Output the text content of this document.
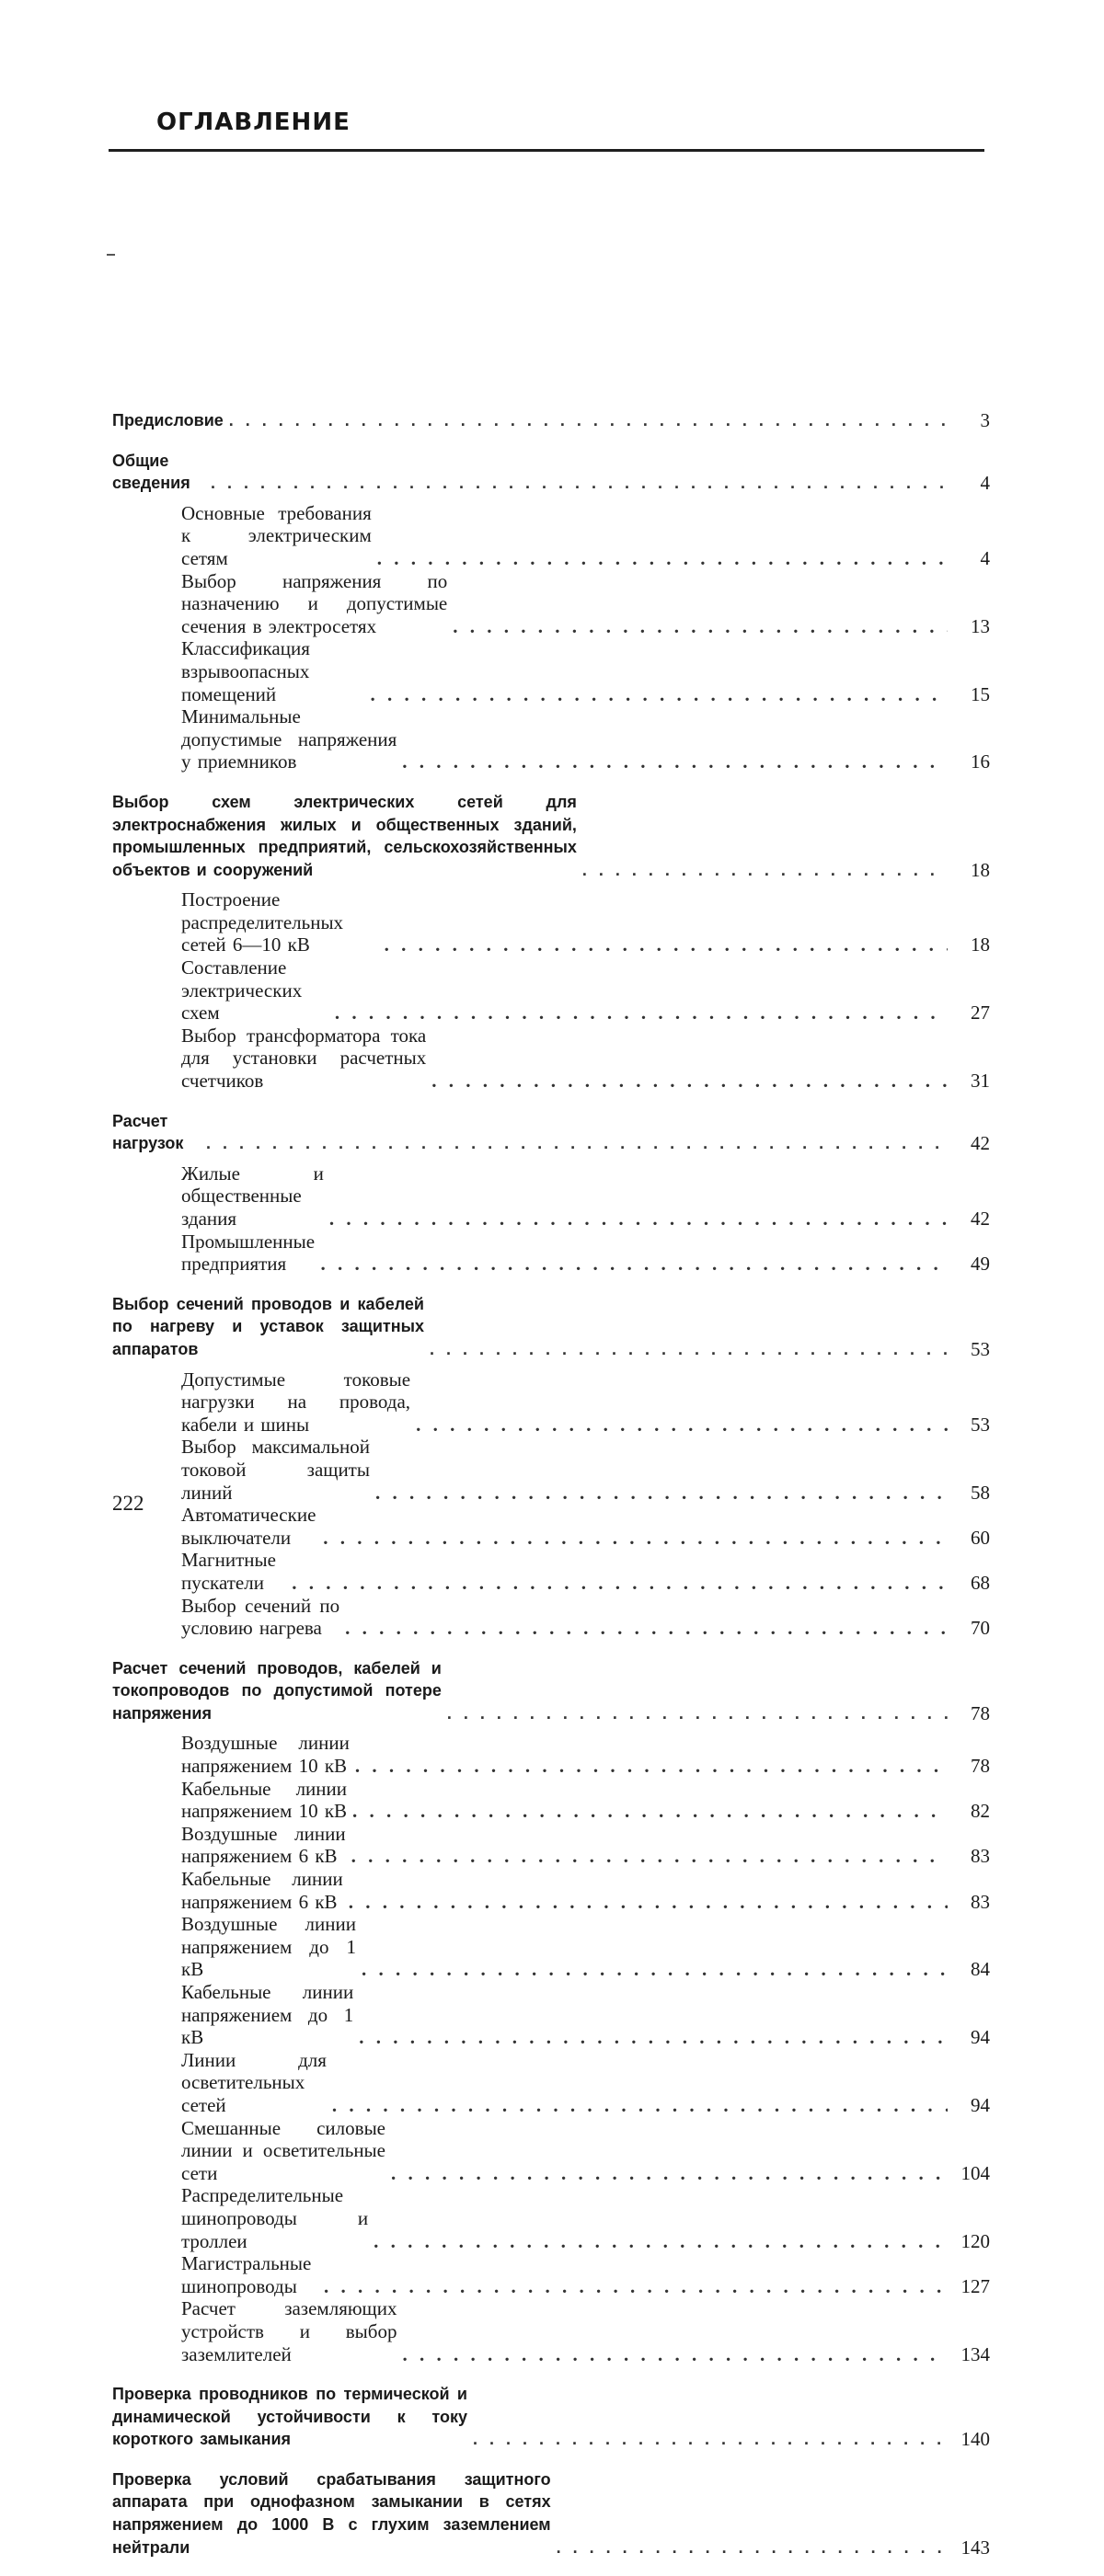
ОГЛАВЛЕНИЕ
Предисловие . . .	3
Общие сведения . . .	4
Основные требования к электрическим сетям . . .	4
Выбор напряжения по назначению и допустимые сечения в электросетях . . .	13
Классификация взрывоопасных помещений . . .	15
Минимальные допустимые напряжения у приемников . . .	16
Выбор схем электрических сетей для электроснабжения жилых и общественных зданий, промышленных предприятий, сельскохозяйственных объектов и сооружений . . .	18
Построение распределительных сетей 6—10 кВ . . .	18
Составление электрических схем . . .	27
Выбор трансформатора тока для установки расчетных счетчиков . . .	31
Расчет нагрузок . . .	42
Жилые и общественные здания . . .	42
Промышленные предприятия . . .	49
Выбор сечений проводов и кабелей по нагреву и уставок защитных аппаратов . . .	53
Допустимые токовые нагрузки на провода, кабели и шины . . .	53
Выбор максимальной токовой защиты линий . . .	58
Автоматические выключатели . . .	60
Магнитные пускатели . . .	68
Выбор сечений по условию нагрева . . .	70
Расчет сечений проводов, кабелей и токопроводов по допустимой потере напряжения . . .	78
Воздушные линии напряжением 10 кВ . . .	78
Кабельные линии напряжением 10 кВ . . .	82
Воздушные линии напряжением 6 кВ . . .	83
Кабельные линии напряжением 6 кВ . . .	83
Воздушные линии напряжением до 1 кВ . . .	84
Кабельные линии напряжением до 1 кВ . . .	94
Линии для осветительных сетей . . .	94
Смешанные силовые линии и осветительные сети . . .	104
Распределительные шинопроводы и троллеи . . .	120
Магистральные шинопроводы . . .	127
Расчет заземляющих устройств и выбор заземлителей . . .	134
Проверка проводников по термической и динамической устойчивости к току короткого замыкания . . .	140
Проверка условий срабатывания защитного аппарата при однофазном замыкании в сетях напряжением до 1000 В с глухим заземлением нейтрали . . .	143
222
